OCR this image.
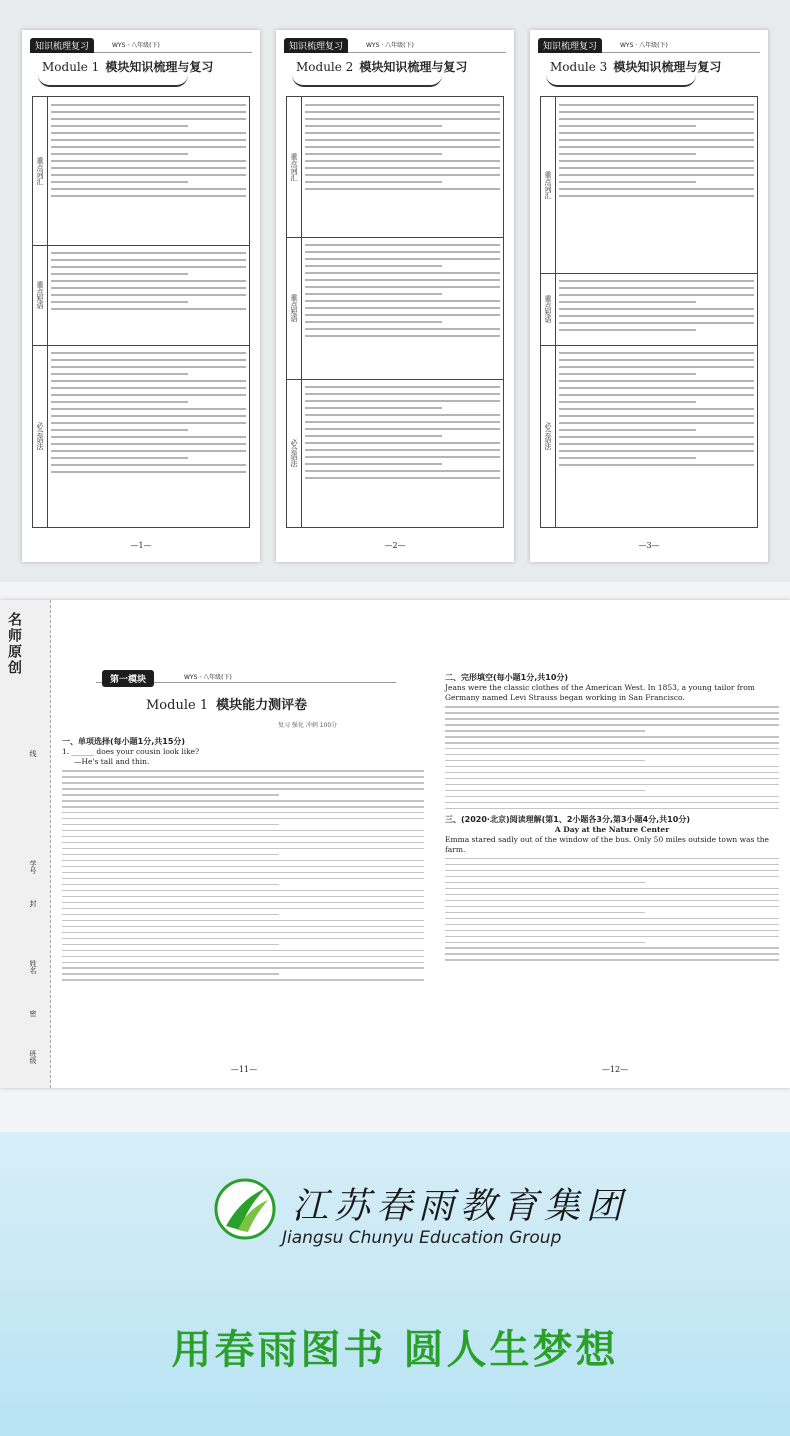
知识梳理复习	WYS · 八年级(下)
Module 1 模块知识梳理与复习
重点词汇
重点短语
必会语法
—1—
知识梳理复习	WYS · 八年级(下)
Module 2 模块知识梳理与复习
重点词汇
重点短语
必会语法
—2—
知识梳理复习	WYS · 八年级(下)
Module 3 模块知识梳理与复习
重点词汇
重点短语
必会语法
—3—
名师原创
线
学号
封
姓名
密
班级
第一模块	WYS · 八年级(下)
Module 1 模块能力测评卷
复习 强化 冲刺 100分
一、单项选择(每小题1分,共15分)
1. ______ does your cousin look like?
—He's tall and thin.
—11—
二、完形填空(每小题1分,共10分)
Jeans were the classic clothes of the American West. In 1853, a young tailor from Germany named Levi Strauss began working in San Francisco.
三、(2020·北京)阅读理解(第1、2小题各3分,第3小题4分,共10分)
A Day at the Nature Center
Emma stared sadly out of the window of the bus. Only 50 miles outside town was the farm.
—12—
江苏春雨教育集团
Jiangsu Chunyu Education Group
用春雨图书 圆人生梦想
